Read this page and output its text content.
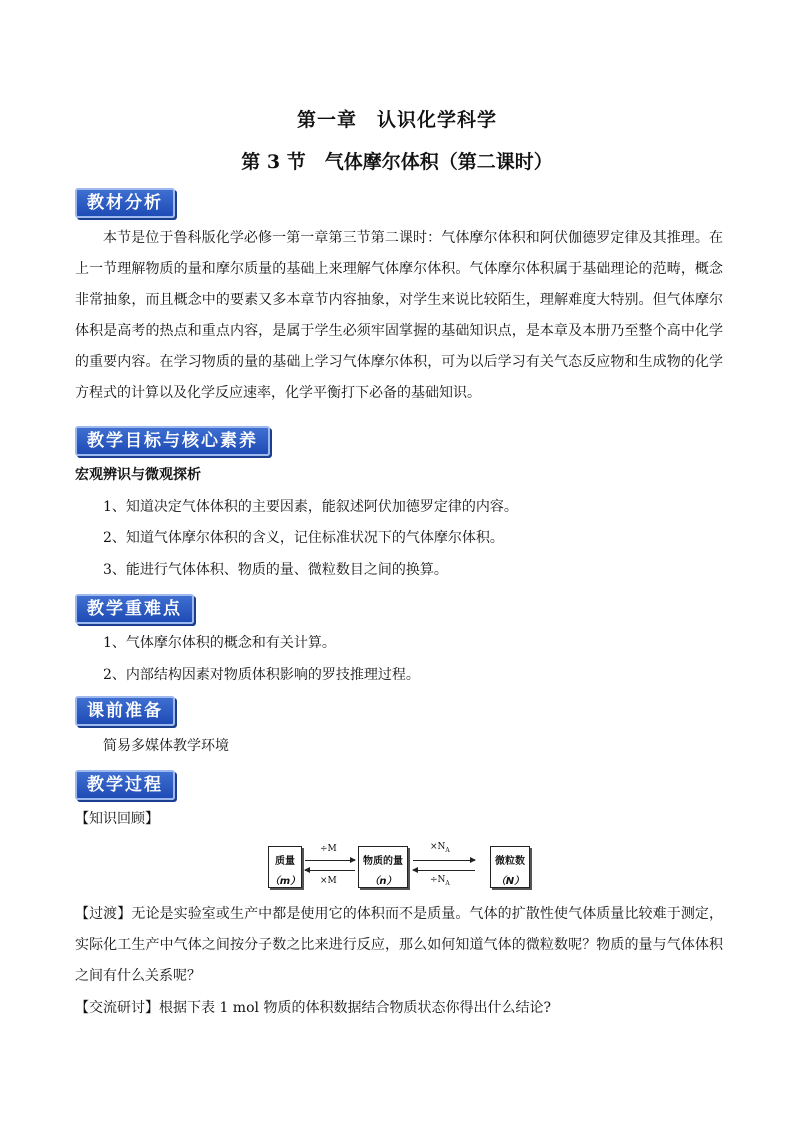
第一章　认识化学科学
第 3 节　气体摩尔体积（第二课时）
教材分析
本节是位于鲁科版化学必修一第一章第三节第二课时：气体摩尔体积和阿伏伽德罗定律及其推理。在上一节理解物质的量和摩尔质量的基础上来理解气体摩尔体积。气体摩尔体积属于基础理论的范畴，概念非常抽象，而且概念中的要素又多本章节内容抽象，对学生来说比较陌生，理解难度大特别。但气体摩尔体积是高考的热点和重点内容，是属于学生必须牢固掌握的基础知识点，是本章及本册乃至整个高中化学的重要内容。在学习物质的量的基础上学习气体摩尔体积，可为以后学习有关气态反应物和生成物的化学方程式的计算以及化学反应速率，化学平衡打下必备的基础知识。
教学目标与核心素养
宏观辨识与微观探析
1、知道决定气体体积的主要因素，能叙述阿伏加德罗定律的内容。
2、知道气体摩尔体积的含义，记住标准状况下的气体摩尔体积。
3、能进行气体体积、物质的量、微粒数目之间的换算。
教学重难点
1、气体摩尔体积的概念和有关计算。
2、内部结构因素对物质体积影响的罗技推理过程。
课前准备
简易多媒体教学环境
教学过程
【知识回顾】
质量
（m）
÷M
×M
物质的量
（n）
$\times N_A$
$\div N_A$
微粒数
（N）
【过渡】无论是实验室或生产中都是使用它的体积而不是质量。气体的扩散性使气体质量比较难于测定，实际化工生产中气体之间按分子数之比来进行反应，那么如何知道气体的微粒数呢？物质的量与气体体积之间有什么关系呢？
【交流研讨】根据下表 1 mol 物质的体积数据结合物质状态你得出什么结论?
